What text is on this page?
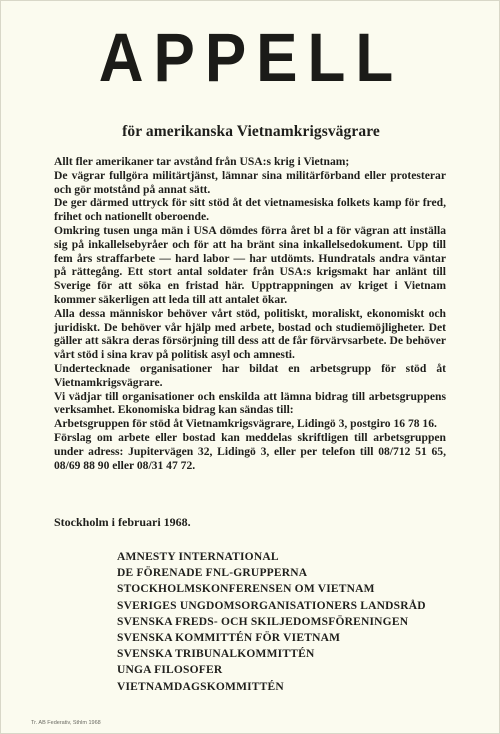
APPELL
för amerikanska Vietnamkrigsvägrare

Allt fler amerikaner tar avstånd från USA:s krig i Vietnam;

De vägrar fullgöra militärtjänst, lämnar sina militärförband eller protesterar och gör motstånd på annat sätt.

De ger därmed uttryck för sitt stöd åt det vietnamesiska folkets kamp för fred, frihet och nationellt oberoende.

Omkring tusen unga män i USA dömdes förra året bl a för vägran att inställa sig på inkallelsebyråer och för att ha bränt sina inkallelsedokument. Upp till fem års straffarbete — hard labor — har utdömts. Hundratals andra väntar på rättegång. Ett stort antal soldater från USA:s krigsmakt har anlänt till Sverige för att söka en fristad här. Upptrappningen av kriget i Vietnam kommer säkerligen att leda till att antalet ökar.

Alla dessa människor behöver vårt stöd, politiskt, moraliskt, ekonomiskt och juridiskt. De behöver vår hjälp med arbete, bostad och studiemöjligheter. Det gäller att säkra deras försörjning till dess att de får förvärvsarbete. De behöver vårt stöd i sina krav på politisk asyl och amnesti.

Undertecknade organisationer har bildat en arbetsgrupp för stöd åt Vietnamkrigsvägrare.

Vi vädjar till organisationer och enskilda att lämna bidrag till arbetsgruppens verksamhet. Ekonomiska bidrag kan sändas till:

Arbetsgruppen för stöd åt Vietnamkrigsvägrare, Lidingö 3, postgiro 16 78 16.

Förslag om arbete eller bostad kan meddelas skriftligen till arbetsgruppen under adress: Jupitervägen 32, Lidingö 3, eller per telefon till 08/712 51 65, 08/69 88 90 eller 08/31 47 72.

Stockholm i februari 1968.
AMNESTY INTERNATIONAL
DE FÖRENADE FNL-GRUPPERNA
STOCKHOLMSKONFERENSEN OM VIETNAM
SVERIGES UNGDOMSORGANISATIONERS LANDSRÅD
SVENSKA FREDS- OCH SKILJEDOMSFÖRENINGEN
SVENSKA KOMMITTÉN FÖR VIETNAM
SVENSKA TRIBUNALKOMMITTÉN
UNGA FILOSOFER
VIETNAMDAGSKOMMITTÉN
Tr. AB Federativ, Sthlm 1968
